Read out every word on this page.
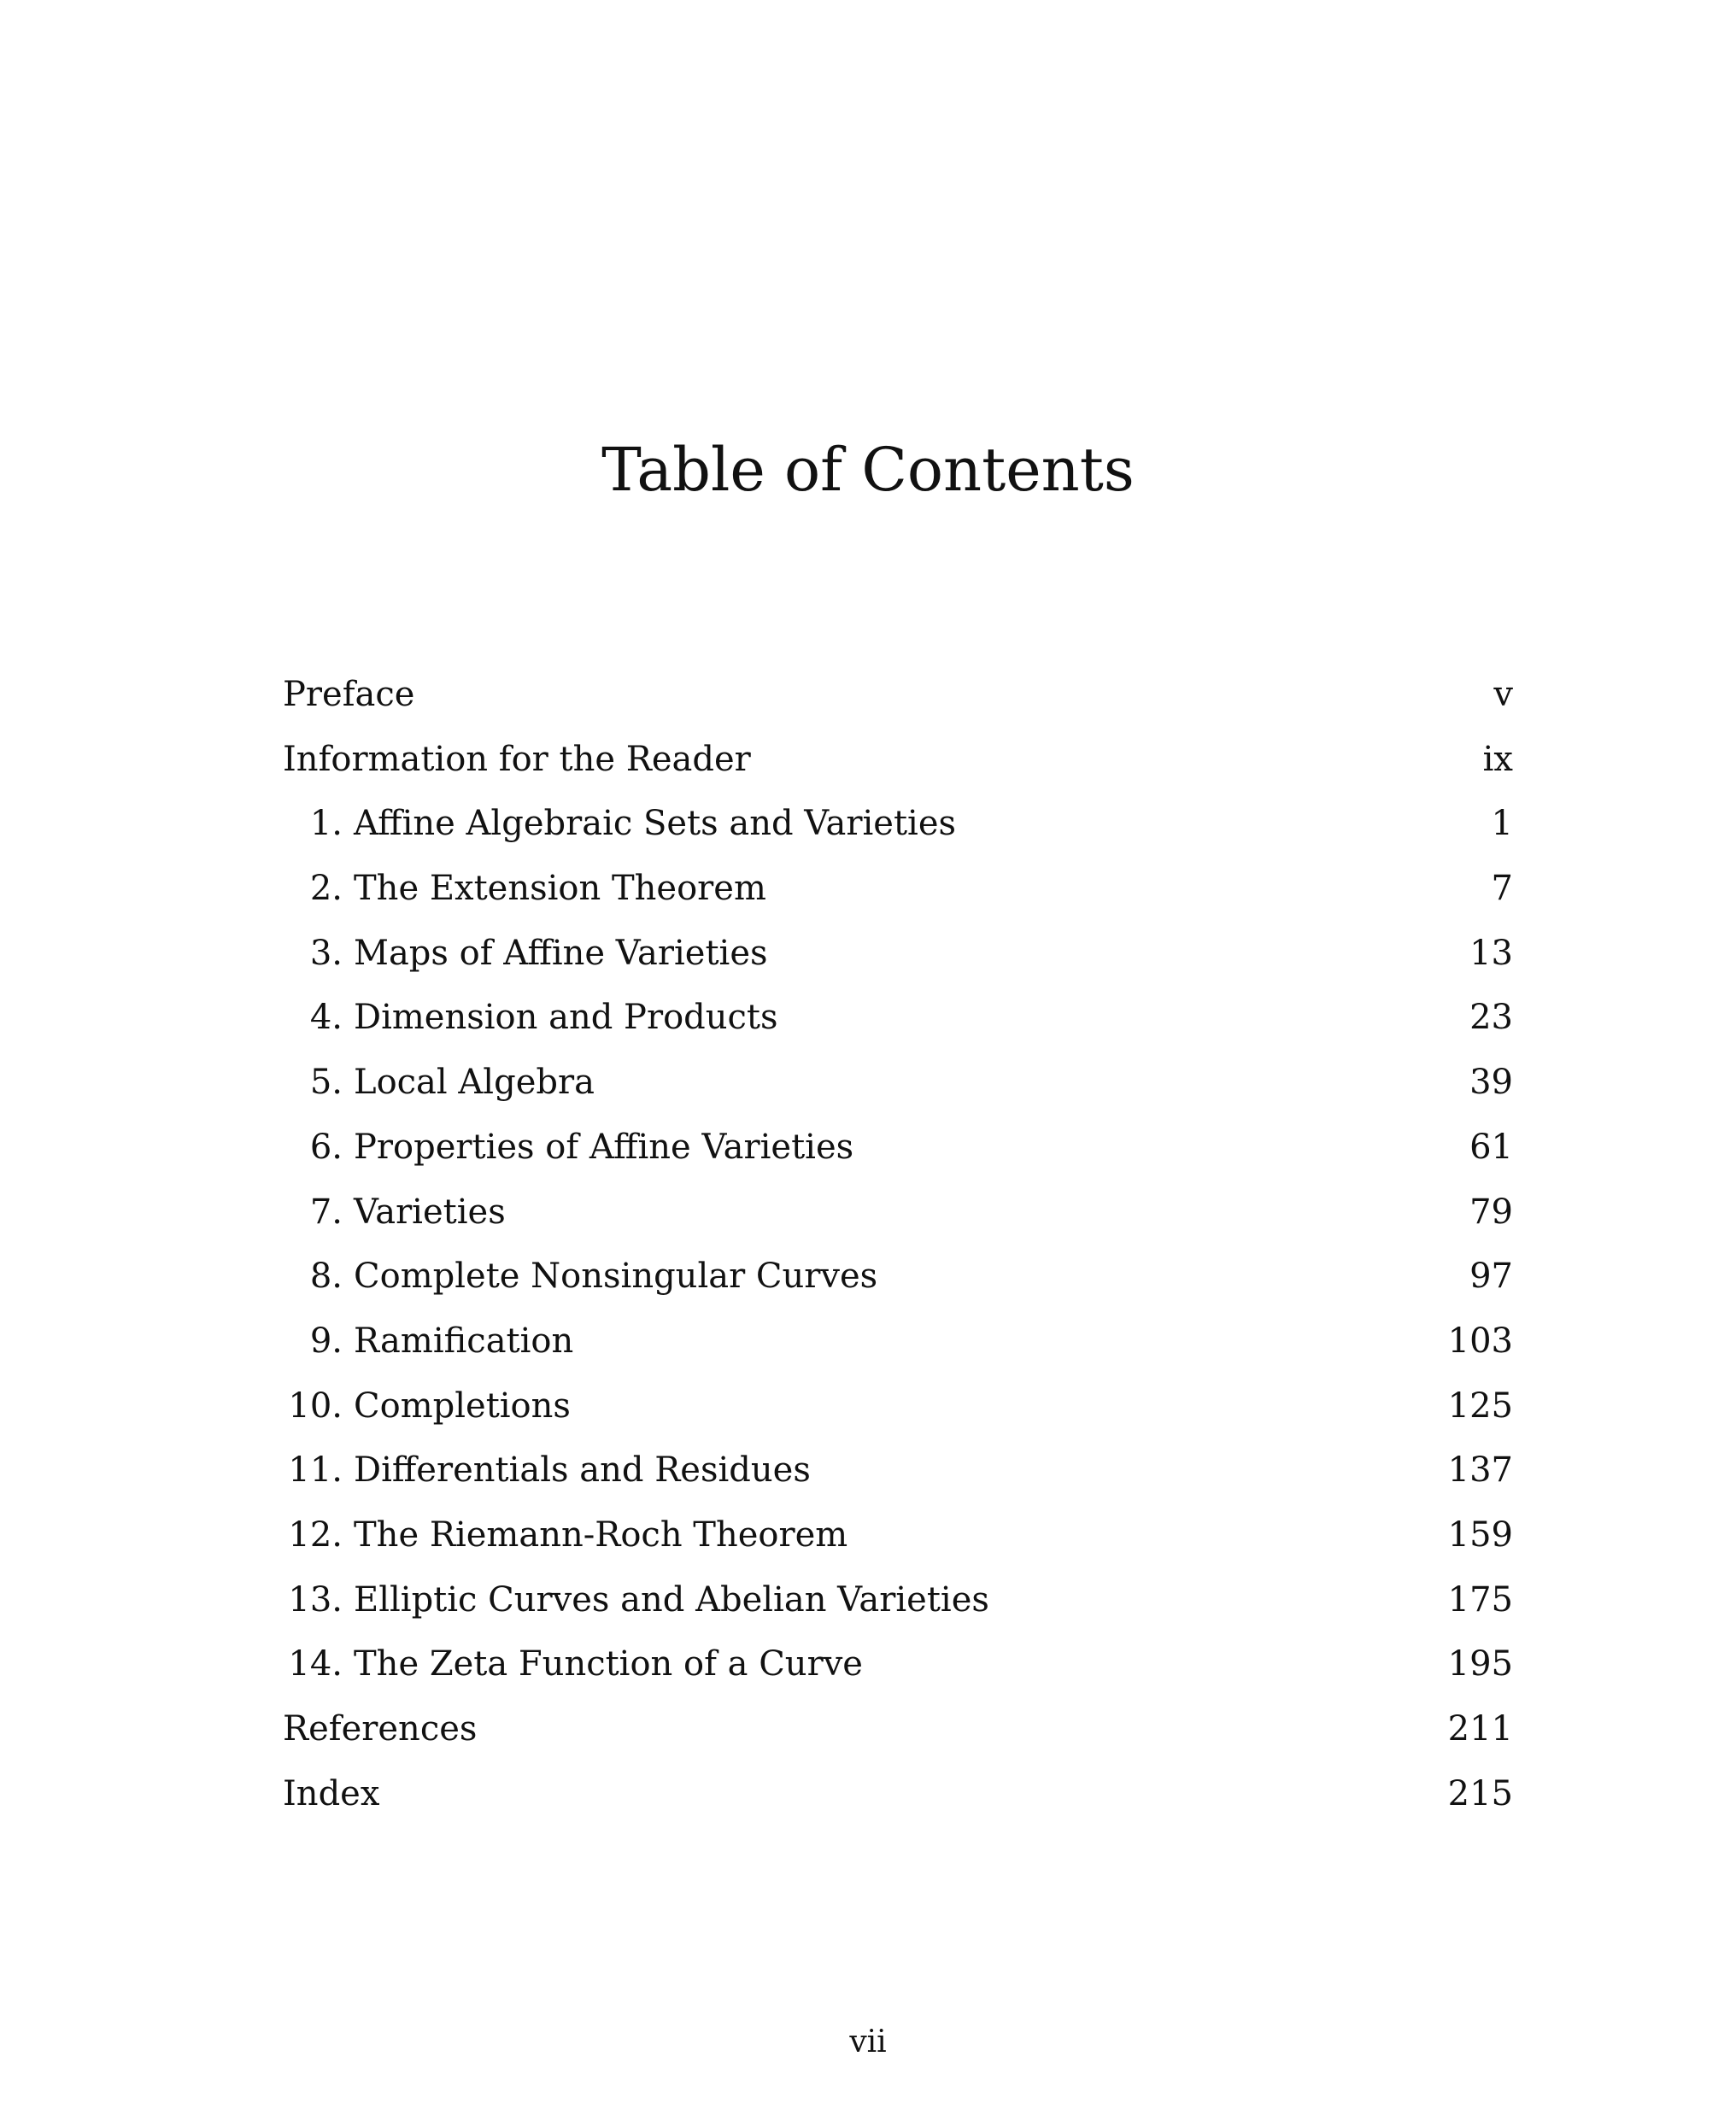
Table of Contents
Preface	v
Information for the Reader	ix
1. Affine Algebraic Sets and Varieties	1
2. The Extension Theorem	7
3. Maps of Affine Varieties	13
4. Dimension and Products	23
5. Local Algebra	39
6. Properties of Affine Varieties	61
7. Varieties	79
8. Complete Nonsingular Curves	97
9. Ramification	103
10. Completions	125
11. Differentials and Residues	137
12. The Riemann-Roch Theorem	159
13. Elliptic Curves and Abelian Varieties	175
14. The Zeta Function of a Curve	195
References	211
Index	215
vii
